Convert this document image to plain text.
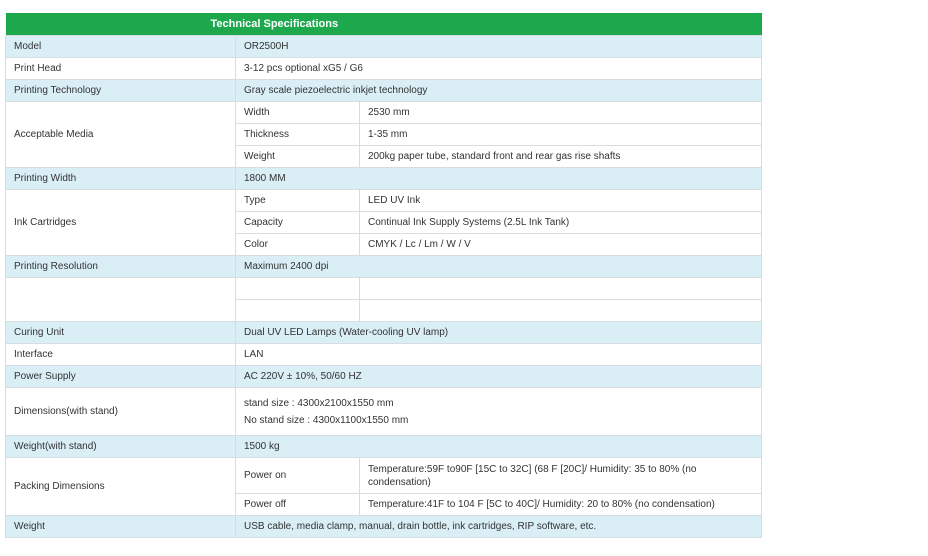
Technical Specifications		

Model	OR2500H	
Print Head	3-12 pcs optional xG5 / G6	
Printing Technology	Gray scale piezoelectric inkjet technology	
Acceptable Media	Width	2530 mm
	Thickness	1-35 mm
	Weight	200kg paper tube, standard front and rear gas rise shafts
Printing Width	1800 MM	
Ink Cartridges	Type	LED UV Ink
	Capacity	Continual Ink Supply Systems (2.5L Ink Tank)
	Color	CMYK / Lc / Lm / W / V
Printing Resolution	Maximum 2400 dpi	

Curing Unit	Dual UV LED Lamps (Water-cooling UV lamp)	
Interface	LAN	
Power Supply	AC 220V ± 10%, 50/60 HZ	
Dimensions(with stand)	stand size : 4300x2100x1550 mm
No stand size : 4300x1100x1550 mm	

Weight(with stand)	1500 kg	
Packing Dimensions	Power on	Temperature:59F to90F [15C to 32C] (68 F [20C]/ Humidity: 35 to 80% (no condensation)
	Power off	Temperature:41F to 104 F [5C to 40C]/ Humidity: 20 to 80% (no condensation)
Weight	USB cable, media clamp, manual, drain bottle, ink cartridges, RIP software, etc.	
